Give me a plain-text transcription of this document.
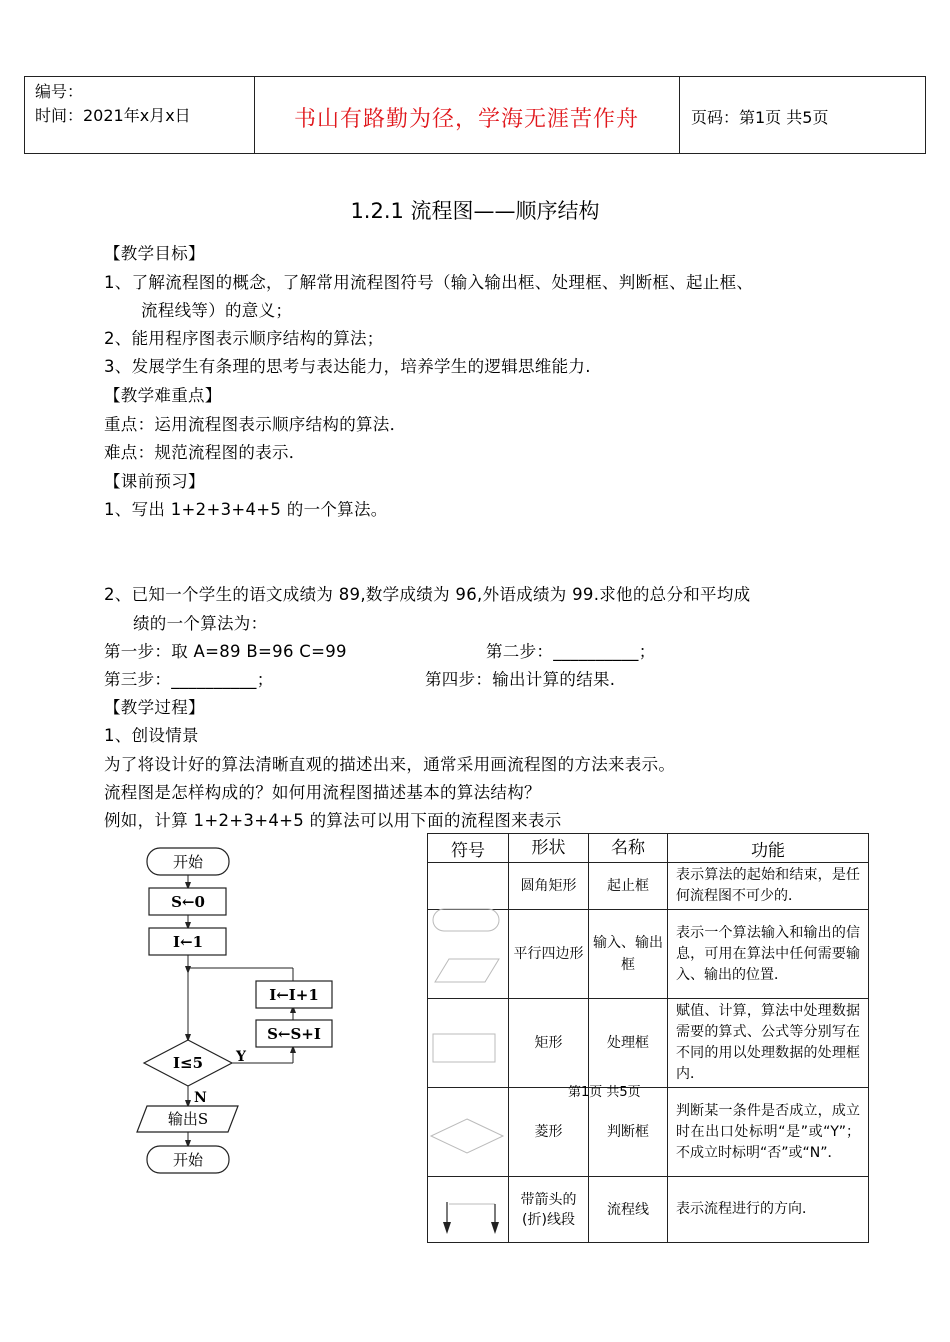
编号：
时间：2021年x月x日	书山有路勤为径，学海无涯苦作舟	页码：第1页 共5页
1.2.1 流程图——顺序结构
【教学目标】
1、了解流程图的概念，了解常用流程图符号（输入输出框、处理框、判断框、起止框、
流程线等）的意义；
2、能用程序图表示顺序结构的算法；
3、发展学生有条理的思考与表达能力，培养学生的逻辑思维能力.
【教学难重点】
重点：运用流程图表示顺序结构的算法．
难点：规范流程图的表示．
【课前预习】
1、写出 1+2+3+4+5 的一个算法。
2、已知一个学生的语文成绩为 89,数学成绩为 96,外语成绩为 99.求他的总分和平均成
绩的一个算法为：
第一步：取 A=89 B=96 C=99	第二步：__________；
第三步：__________；	第四步：输出计算的结果.
【教学过程】
1、创设情景
为了将设计好的算法清晰直观的描述出来，通常采用画流程图的方法来表示。
流程图是怎样构成的？如何用流程图描述基本的算法结构？
例如，计算 1+2+3+4+5 的算法可以用下面的流程图来表示
开始
S←0
I←1
I≤5 Y
S←S+I
I←I+1
N
输出S
开始
符号	形状	名称	功能
	圆角矩形	起止框	表示算法的起始和结束，是任何流程图不可少的．
	平行四边形	输入、输出框	表示一个算法输入和输出的信息，可用在算法中任何需要输入、输出的位置．
	矩形	处理框	赋值、计算，算法中处理数据需要的算式、公式等分别写在不同的用以处理数据的处理框内．
	菱形	判断框	判断某一条件是否成立，成立时在出口处标明“是”或“Y”；不成立时标明“否”或“N”．
	带箭头的(折)线段	流程线	表示流程进行的方向．
第1页 共5页
